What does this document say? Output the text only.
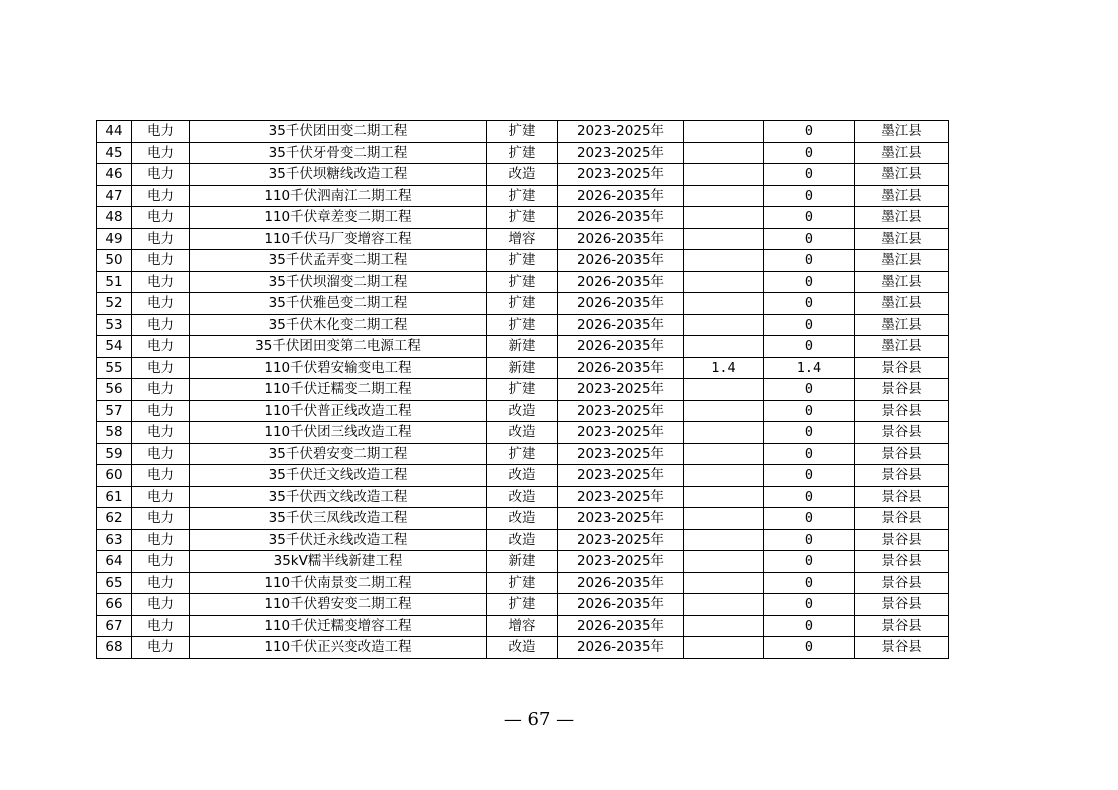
44	电力	35千伏团田变二期工程	扩建	2023-2025年		0	墨江县
45	电力	35千伏牙骨变二期工程	扩建	2023-2025年		0	墨江县
46	电力	35千伏坝糖线改造工程	改造	2023-2025年		0	墨江县
47	电力	110千伏泗南江二期工程	扩建	2026-2035年		0	墨江县
48	电力	110千伏章差变二期工程	扩建	2026-2035年		0	墨江县
49	电力	110千伏马厂变增容工程	增容	2026-2035年		0	墨江县
50	电力	35千伏孟弄变二期工程	扩建	2026-2035年		0	墨江县
51	电力	35千伏坝溜变二期工程	扩建	2026-2035年		0	墨江县
52	电力	35千伏雅邑变二期工程	扩建	2026-2035年		0	墨江县
53	电力	35千伏木化变二期工程	扩建	2026-2035年		0	墨江县
54	电力	35千伏团田变第二电源工程	新建	2026-2035年		0	墨江县
55	电力	110千伏碧安输变电工程	新建	2026-2035年	1.4	1.4	景谷县
56	电力	110千伏迁糯变二期工程	扩建	2023-2025年		0	景谷县
57	电力	110千伏普正线改造工程	改造	2023-2025年		0	景谷县
58	电力	110千伏团三线改造工程	改造	2023-2025年		0	景谷县
59	电力	35千伏碧安变二期工程	扩建	2023-2025年		0	景谷县
60	电力	35千伏迁文线改造工程	改造	2023-2025年		0	景谷县
61	电力	35千伏西文线改造工程	改造	2023-2025年		0	景谷县
62	电力	35千伏三凤线改造工程	改造	2023-2025年		0	景谷县
63	电力	35千伏迁永线改造工程	改造	2023-2025年		0	景谷县
64	电力	35kV糯半线新建工程	新建	2023-2025年		0	景谷县
65	电力	110千伏南景变二期工程	扩建	2026-2035年		0	景谷县
66	电力	110千伏碧安变二期工程	扩建	2026-2035年		0	景谷县
67	电力	110千伏迁糯变增容工程	增容	2026-2035年		0	景谷县
68	电力	110千伏正兴变改造工程	改造	2026-2035年		0	景谷县
— 67 —
